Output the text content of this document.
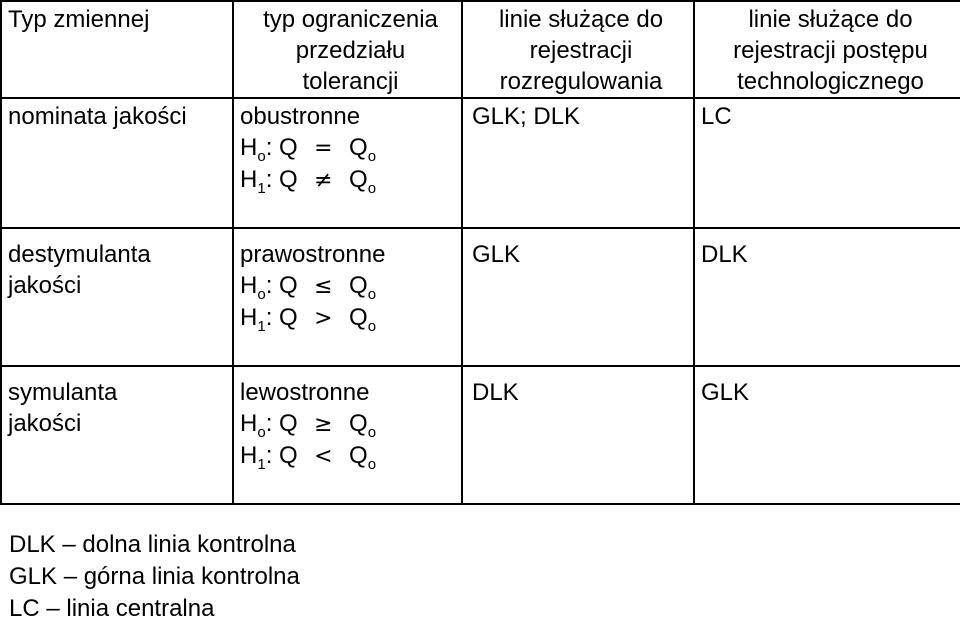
Typ zmiennej	typ ograniczenia
przedziału
tolerancji	linie służące do
rejestracji
rozregulowania	linie służące do
rejestracji postępu
technologicznego

nominata jakości	obustronne
$H_o$: $Q = Q_o$
$H_1$: $Q \ne Q_o$	GLK; DLK	LC

destymulanta
jakości	prawostronne
$H_o$: $Q \le Q_o$
$H_1$: $Q > Q_o$	GLK	DLK

symulanta
jakości	lewostronne
$H_o$: $Q \ge Q_o$
$H_1$: $Q < Q_o$	DLK	GLK
DLK – dolna linia kontrolna
GLK – górna linia kontrolna
LC – linia centralna
